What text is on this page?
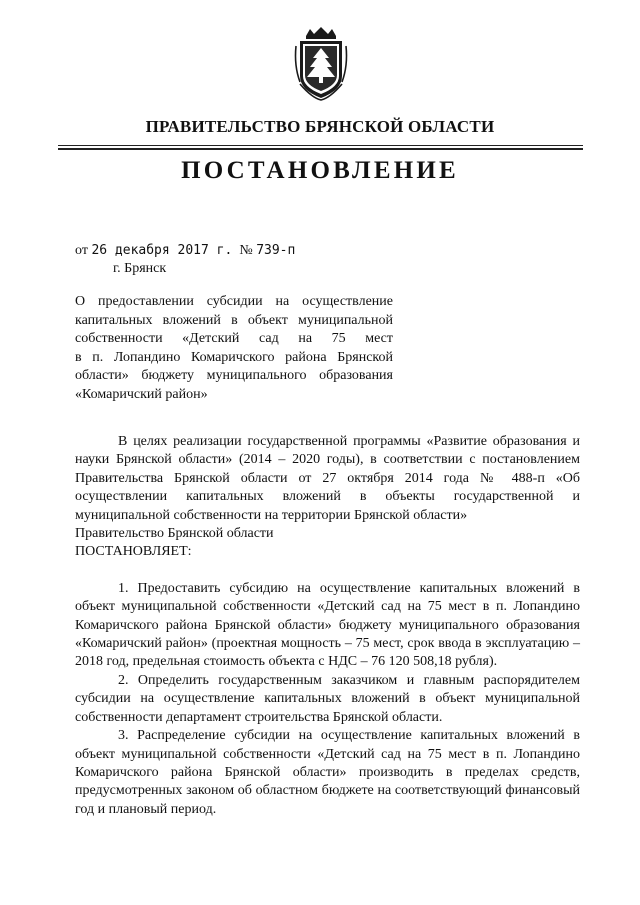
ПРАВИТЕЛЬСТВО БРЯНСКОЙ ОБЛАСТИ
ПОСТАНОВЛЕНИЕ
от 26 декабря 2017 г. № 739-п
г. Брянск
О предоставлении субсидии на осуществление
капитальных вложений в объект муниципальной
собственности «Детский сад на 75 мест
в п. Лопандино Комаричского района Брянской
области» бюджету муниципального образования
«Комаричский район»

В целях реализации государственной программы «Развитие образования и науки Брянской области» (2014 – 2020 годы), в соответствии с постановлением Правительства Брянской области от 27 октября 2014 года № 488-п «Об осуществлении капитальных вложений в объекты государственной и муниципальной собственности на территории Брянской области»

Правительство Брянской области

ПОСТАНОВЛЯЕТ:

1. Предоставить субсидию на осуществление капитальных вложений в объект муниципальной собственности «Детский сад на 75 мест в п. Лопандино Комаричского района Брянской области» бюджету муниципального образования «Комаричский район» (проектная мощность – 75 мест, срок ввода в эксплуатацию – 2018 год, предельная стоимость объекта с НДС – 76 120 508,18 рубля).

2. Определить государственным заказчиком и главным распорядителем субсидии на осуществление капитальных вложений в объект муниципальной собственности департамент строительства Брянской области.

3. Распределение субсидии на осуществление капитальных вложений в объект муниципальной собственности «Детский сад на 75 мест в п. Лопандино Комаричского района Брянской области» производить в пределах средств, предусмотренных законом об областном бюджете на соответствующий финансовый год и плановый период.
